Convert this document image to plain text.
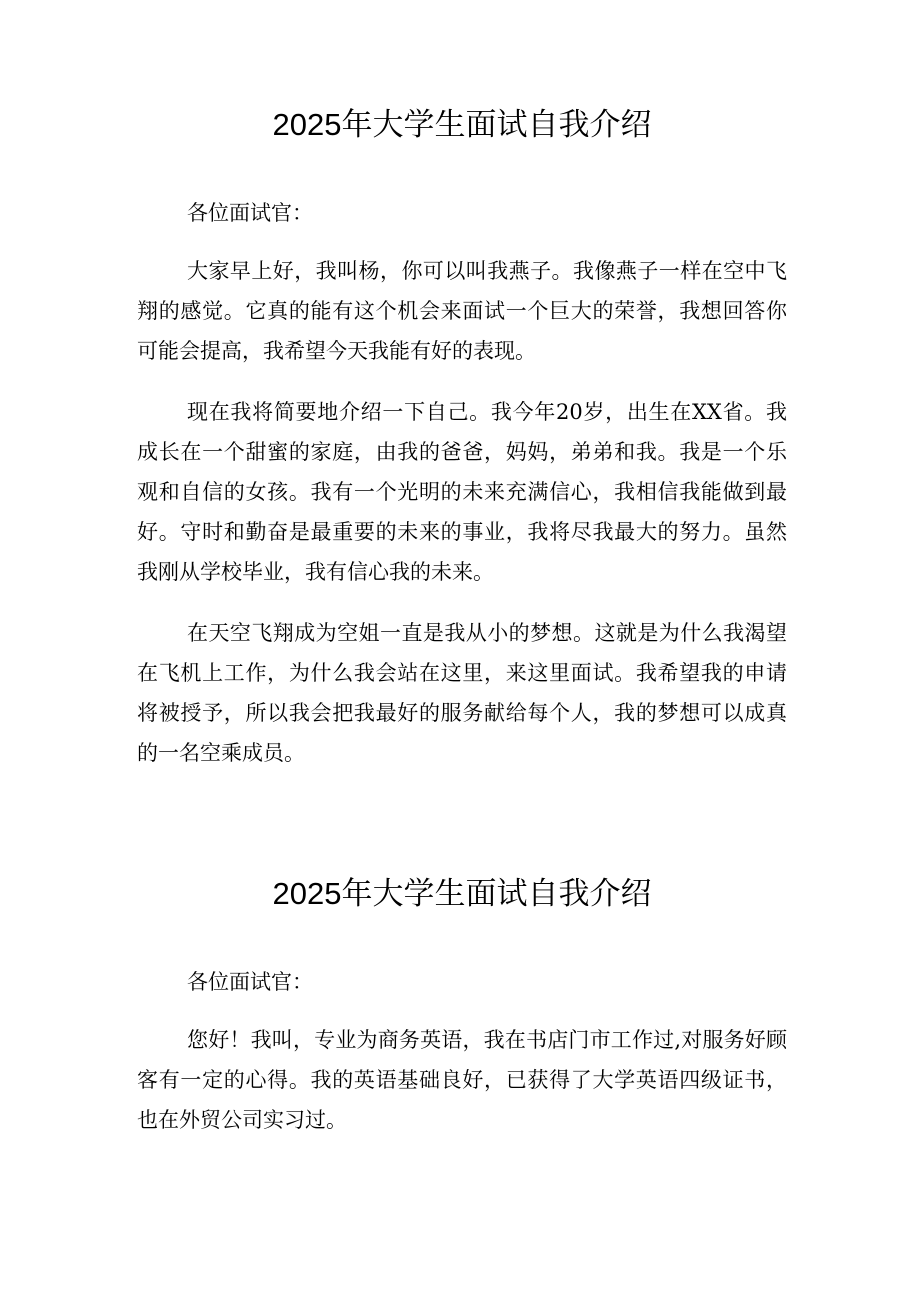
2025年大学生面试自我介绍

各位面试官：

大家早上好，我叫杨，你可以叫我燕子。我像燕子一样在空中飞翔的感觉。它真的能有这个机会来面试一个巨大的荣誉，我想回答你可能会提高，我希望今天我能有好的表现。

现在我将简要地介绍一下自己。我今年20岁，出生在XX省。我成长在一个甜蜜的家庭，由我的爸爸，妈妈，弟弟和我。我是一个乐观和自信的女孩。我有一个光明的未来充满信心，我相信我能做到最好。守时和勤奋是最重要的未来的事业，我将尽我最大的努力。虽然我刚从学校毕业，我有信心我的未来。

在天空飞翔成为空姐一直是我从小的梦想。这就是为什么我渴望在飞机上工作，为什么我会站在这里，来这里面试。我希望我的申请将被授予，所以我会把我最好的服务献给每个人，我的梦想可以成真的一名空乘成员。

2025年大学生面试自我介绍

各位面试官：

您好！我叫，专业为商务英语，我在书店门市工作过,对服务好顾客有一定的心得。我的英语基础良好，已获得了大学英语四级证书，也在外贸公司实习过。
